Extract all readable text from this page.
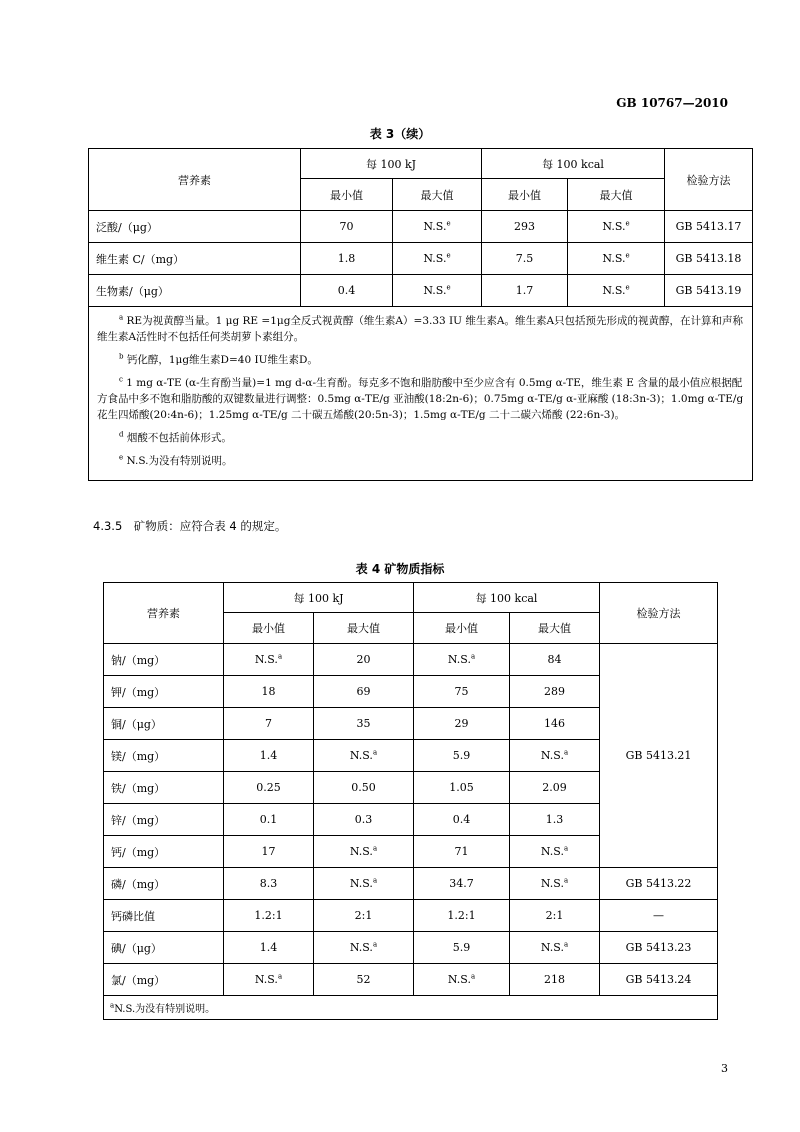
GB 10767—2010
表 3（续）
营养素	每 100 kJ		每 100 kcal		检验方法
	最小值	最大值	最小值	最大值	
泛酸/（μg）	70	N.S.$^e$	293	N.S.$^e$	GB 5413.17
维生素 C/（mg）	1.8	N.S.$^e$	7.5	N.S.$^e$	GB 5413.18
生物素/（μg）	0.4	N.S.$^e$	1.7	N.S.$^e$	GB 5413.19

$^a$ RE为视黄醇当量。1 μg RE =1μg全反式视黄醇（维生素A）=3.33 IU 维生素A。维生素A只包括预先形成的视黄醇，在计算和声称维生素A活性时不包括任何类胡萝卜素组分。

$^b$ 钙化醇，1μg维生素D=40 IU维生素D。

$^c$ 1 mg α-TE (α-生育酚当量)=1 mg d-α-生育酚。每克多不饱和脂肪酸中至少应含有 0.5mg α-TE，维生素 E 含量的最小值应根据配方食品中多不饱和脂肪酸的双键数量进行调整：0.5mg α-TE/g 亚油酸(18:2n-6)；0.75mg α-TE/g α-亚麻酸 (18:3n-3)；1.0mg α-TE/g 花生四烯酸(20:4n-6)；1.25mg α-TE/g 二十碳五烯酸(20:5n-3)；1.5mg α-TE/g 二十二碳六烯酸 (22:6n-3)。

$^d$ 烟酸不包括前体形式。

$^e$ N.S.为没有特别说明。					

4.3.5　矿物质：应符合表 4 的规定。
表 4 矿物质指标
营养素	每 100 kJ		每 100 kcal		检验方法
	最小值	最大值	最小值	最大值	
钠/（mg）	N.S.$^a$	20	N.S.$^a$	84	GB 5413.21
钾/（mg）	18	69	75	289	
铜/（μg）	7	35	29	146	
镁/（mg）	1.4	N.S.$^a$	5.9	N.S.$^a$
铁/（mg）	0.25	0.50	1.05	2.09	
锌/（mg）	0.1	0.3	0.4	1.3	
钙/（mg）	17	N.S.$^a$	71	N.S.$^a$
磷/（mg）	8.3	N.S.$^a$	34.7	N.S.$^a$	GB 5413.22
钙磷比值	1.2:1	2:1	1.2:1	2:1	—
碘/（μg）	1.4	N.S.$^a$	5.9	N.S.$^a$	GB 5413.23
氯/（mg）	N.S.$^a$	52	N.S.$^a$	218	GB 5413.24
$^a$N.S.为没有特别说明。					
3
